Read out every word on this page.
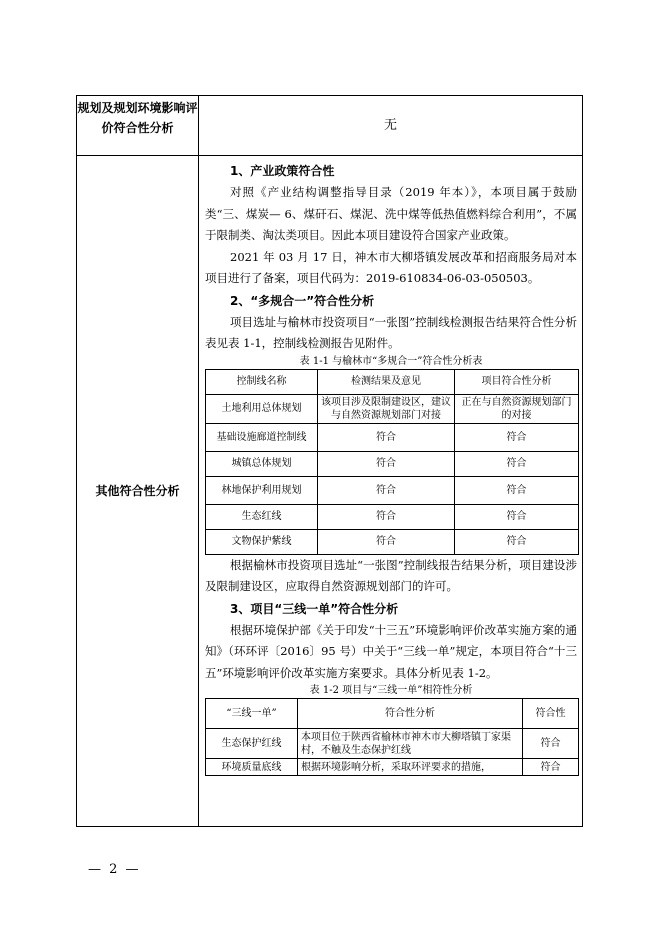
规划及规划环境影响评价符合性分析	无
其他符合性分析
1、产业政策符合性

对照《产业结构调整指导目录（2019 年本）》，本项目属于鼓励类“三、煤炭— 6、煤矸石、煤泥、洗中煤等低热值燃料综合利用”，不属于限制类、淘汰类项目。因此本项目建设符合国家产业政策。

2021 年 03 月 17 日，神木市大柳塔镇发展改革和招商服务局对本项目进行了备案，项目代码为：2019-610834-06-03-050503。

2、“多规合一”符合性分析

项目选址与榆林市投资项目“一张图”控制线检测报告结果符合性分析表见表 1-1，控制线检测报告见附件。

表 1-1 与榆林市“多规合一”符合性分析表
控制线名称	检测结果及意见	项目符合性分析
土地利用总体规划	该项目涉及限制建设区，建议与自然资源规划部门对接	正在与自然资源规划部门的对接
基础设施廊道控制线	符合	符合
城镇总体规划	符合	符合
林地保护利用规划	符合	符合
生态红线	符合	符合
文物保护紫线	符合	符合

根据榆林市投资项目选址“一张图”控制线报告结果分析，项目建设涉及限制建设区，应取得自然资源规划部门的许可。

3、项目“三线一单”符合性分析

根据环境保护部《关于印发“十三五”环境影响评价改革实施方案的通知》（环环评〔2016〕95 号）中关于“三线一单”规定，本项目符合“十三五”环境影响评价改革实施方案要求。具体分析见表 1-2。

表 1-2 项目与“三线一单”相符性分析
“三线一单”	符合性分析	符合性
生态保护红线	本项目位于陕西省榆林市神木市大柳塔镇丁家渠村，不触及生态保护红线	符合
环境质量底线	根据环境影响分析，采取环评要求的措施，	符合
— 2 —
